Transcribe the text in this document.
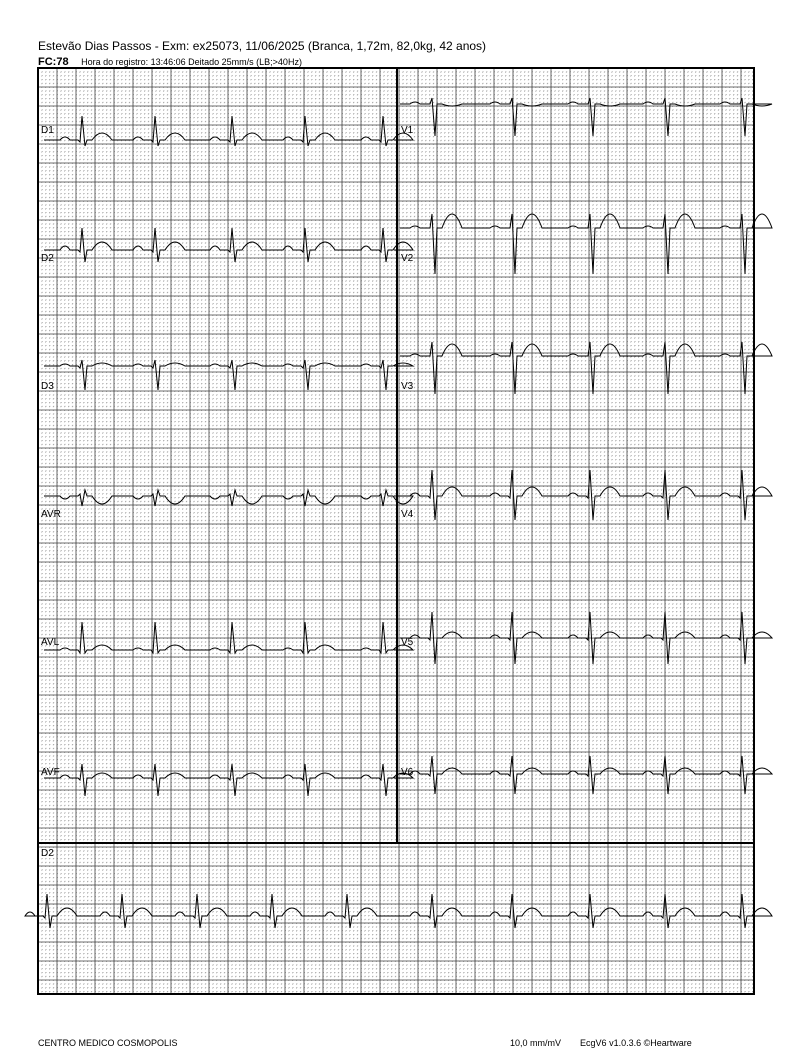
Estevão Dias Passos - Exm: ex25073, 11/06/2025 (Branca, 1,72m, 82,0kg, 42 anos)
FC:78 Hora do registro: 13:46:06 Deitado 25mm/s (LB;>40Hz)
D1
D2
D3
AVR
AVL
AVF
V1
V2
V3
V4
V5
V6
D2
CENTRO MEDICO COSMOPOLIS	10,0 mm/mV EcgV6 v1.0.3.6 ©Heartware
